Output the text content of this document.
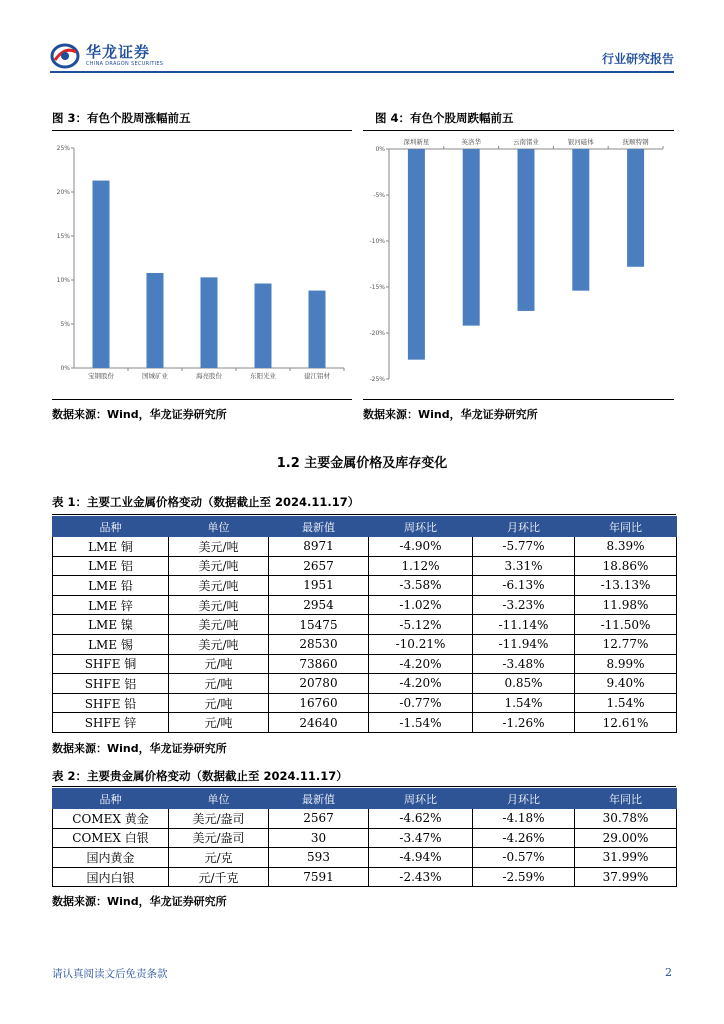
华龙证券
CHINA DRAGON SECURITIES	行业研究报告
图 3：有色个股周涨幅前五
25%
20%
15%
10%
5%
0%
宝钢股份	国城矿业	海亮股份	东阳光业	建江铝材
数据来源：Wind，华龙证券研究所
图 4：有色个股周跌幅前五
0%
-5%
-10%
-15%
-20%
-25%
深圳新星	英洛华	云南锗业	银河磁体	抚顺特钢
数据来源：Wind，华龙证券研究所
1.2 主要金属价格及库存变化
表 1：主要工业金属价格变动（数据截止至 2024.11.17）
品种	单位	最新值	周环比	月环比	年同比
LME 铜	美元/吨	8971	-4.90%	-5.77%	8.39%
LME 铝	美元/吨	2657	1.12%	3.31%	18.86%
LME 铅	美元/吨	1951	-3.58%	-6.13%	-13.13%
LME 锌	美元/吨	2954	-1.02%	-3.23%	11.98%
LME 镍	美元/吨	15475	-5.12%	-11.14%	-11.50%
LME 锡	美元/吨	28530	-10.21%	-11.94%	12.77%
SHFE 铜	元/吨	73860	-4.20%	-3.48%	8.99%
SHFE 铝	元/吨	20780	-4.20%	0.85%	9.40%
SHFE 铅	元/吨	16760	-0.77%	1.54%	1.54%
SHFE 锌	元/吨	24640	-1.54%	-1.26%	12.61%
数据来源：Wind，华龙证券研究所
表 2：主要贵金属价格变动（数据截止至 2024.11.17）
品种	单位	最新值	周环比	月环比	年同比
COMEX 黄金	美元/盎司	2567	-4.62%	-4.18%	30.78%
COMEX 白银	美元/盎司	30	-3.47%	-4.26%	29.00%
国内黄金	元/克	593	-4.94%	-0.57%	31.99%
国内白银	元/千克	7591	-2.43%	-2.59%	37.99%
数据来源：Wind，华龙证券研究所
请认真阅读文后免责条款	2
